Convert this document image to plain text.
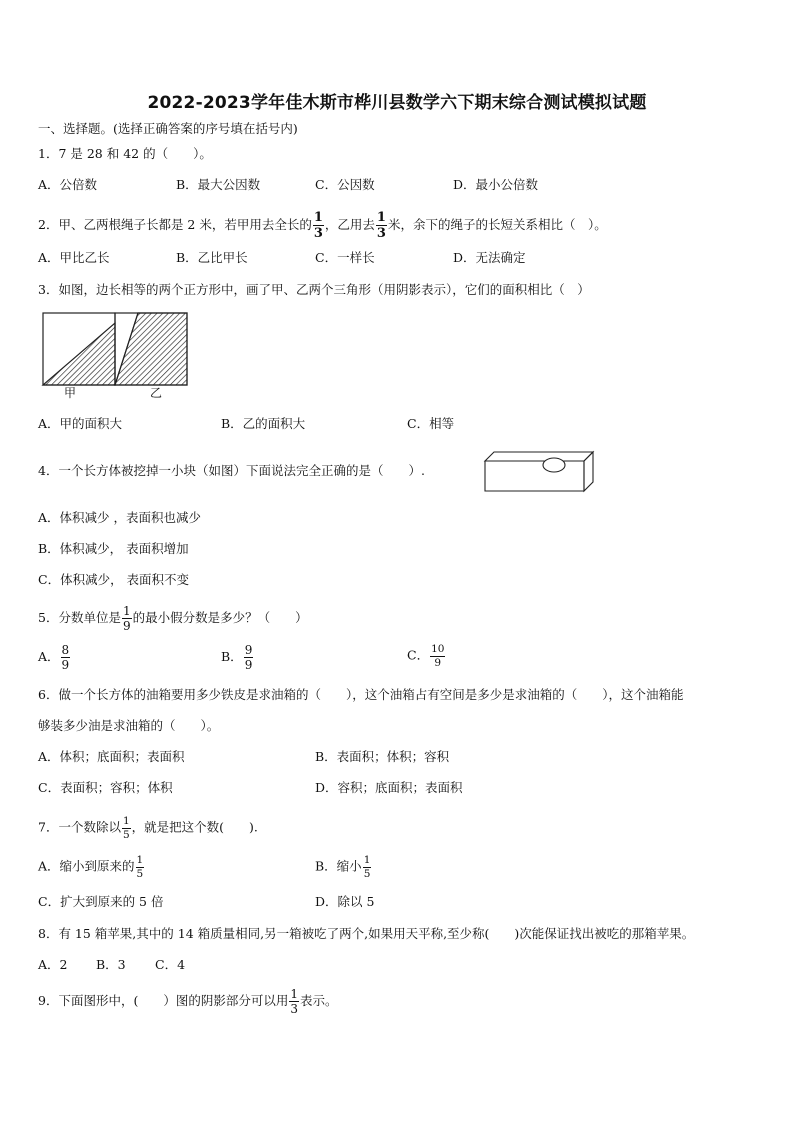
2022-2023学年佳木斯市桦川县数学六下期末综合测试模拟试题
一、选择题。(选择正确答案的序号填在括号内)
1．7 是 28 和 42 的（　　）。
A．公倍数	B．最大公因数	C．公因数	D．最小公倍数
2．甲、乙两根绳子长都是 2 米，若甲用去全长的 $\frac{1}{3}$ ，乙用去 $\frac{1}{3}$ 米，余下的绳子的长短关系相比（　）。
A．甲比乙长	B．乙比甲长	C．一样长	D．无法确定
3．如图，边长相等的两个正方形中，画了甲、乙两个三角形（用阴影表示），它们的面积相比（　）
甲	乙
A．甲的面积大	B．乙的面积大	C．相等
4．一个长方体被挖掉一小块（如图）下面说法完全正确的是（　　）.
A．体积减少 ，表面积也减少
B．体积减少， 表面积增加
C．体积减少， 表面积不变
5．分数单位是 $\frac{1}{9}$ 的最小假分数是多少？（　　）
A． $\frac{8}{9}$	B． $\frac{9}{9}$	C． $\frac{10}{9}$
6．做一个长方体的油箱要用多少铁皮是求油箱的（　　），这个油箱占有空间是多少是求油箱的（　　），这个油箱能
够装多少油是求油箱的（　　）。
A．体积；底面积；表面积	B．表面积；体积；容积
C．表面积；容积；体积	D．容积；底面积；表面积
7．一个数除以 $\frac{1}{5}$ ，就是把这个数(　　).
A．缩小到原来的 $\frac{1}{5}$	B．缩小 $\frac{1}{5}$
C．扩大到原来的 5 倍	D．除以 5
8．有 15 箱苹果,其中的 14 箱质量相同,另一箱被吃了两个,如果用天平称,至少称(　　)次能保证找出被吃的那箱苹果。
A．2 B．3 C．4
9．下面图形中，(　　）图的阴影部分可以用 $\frac{1}{3}$ 表示。
